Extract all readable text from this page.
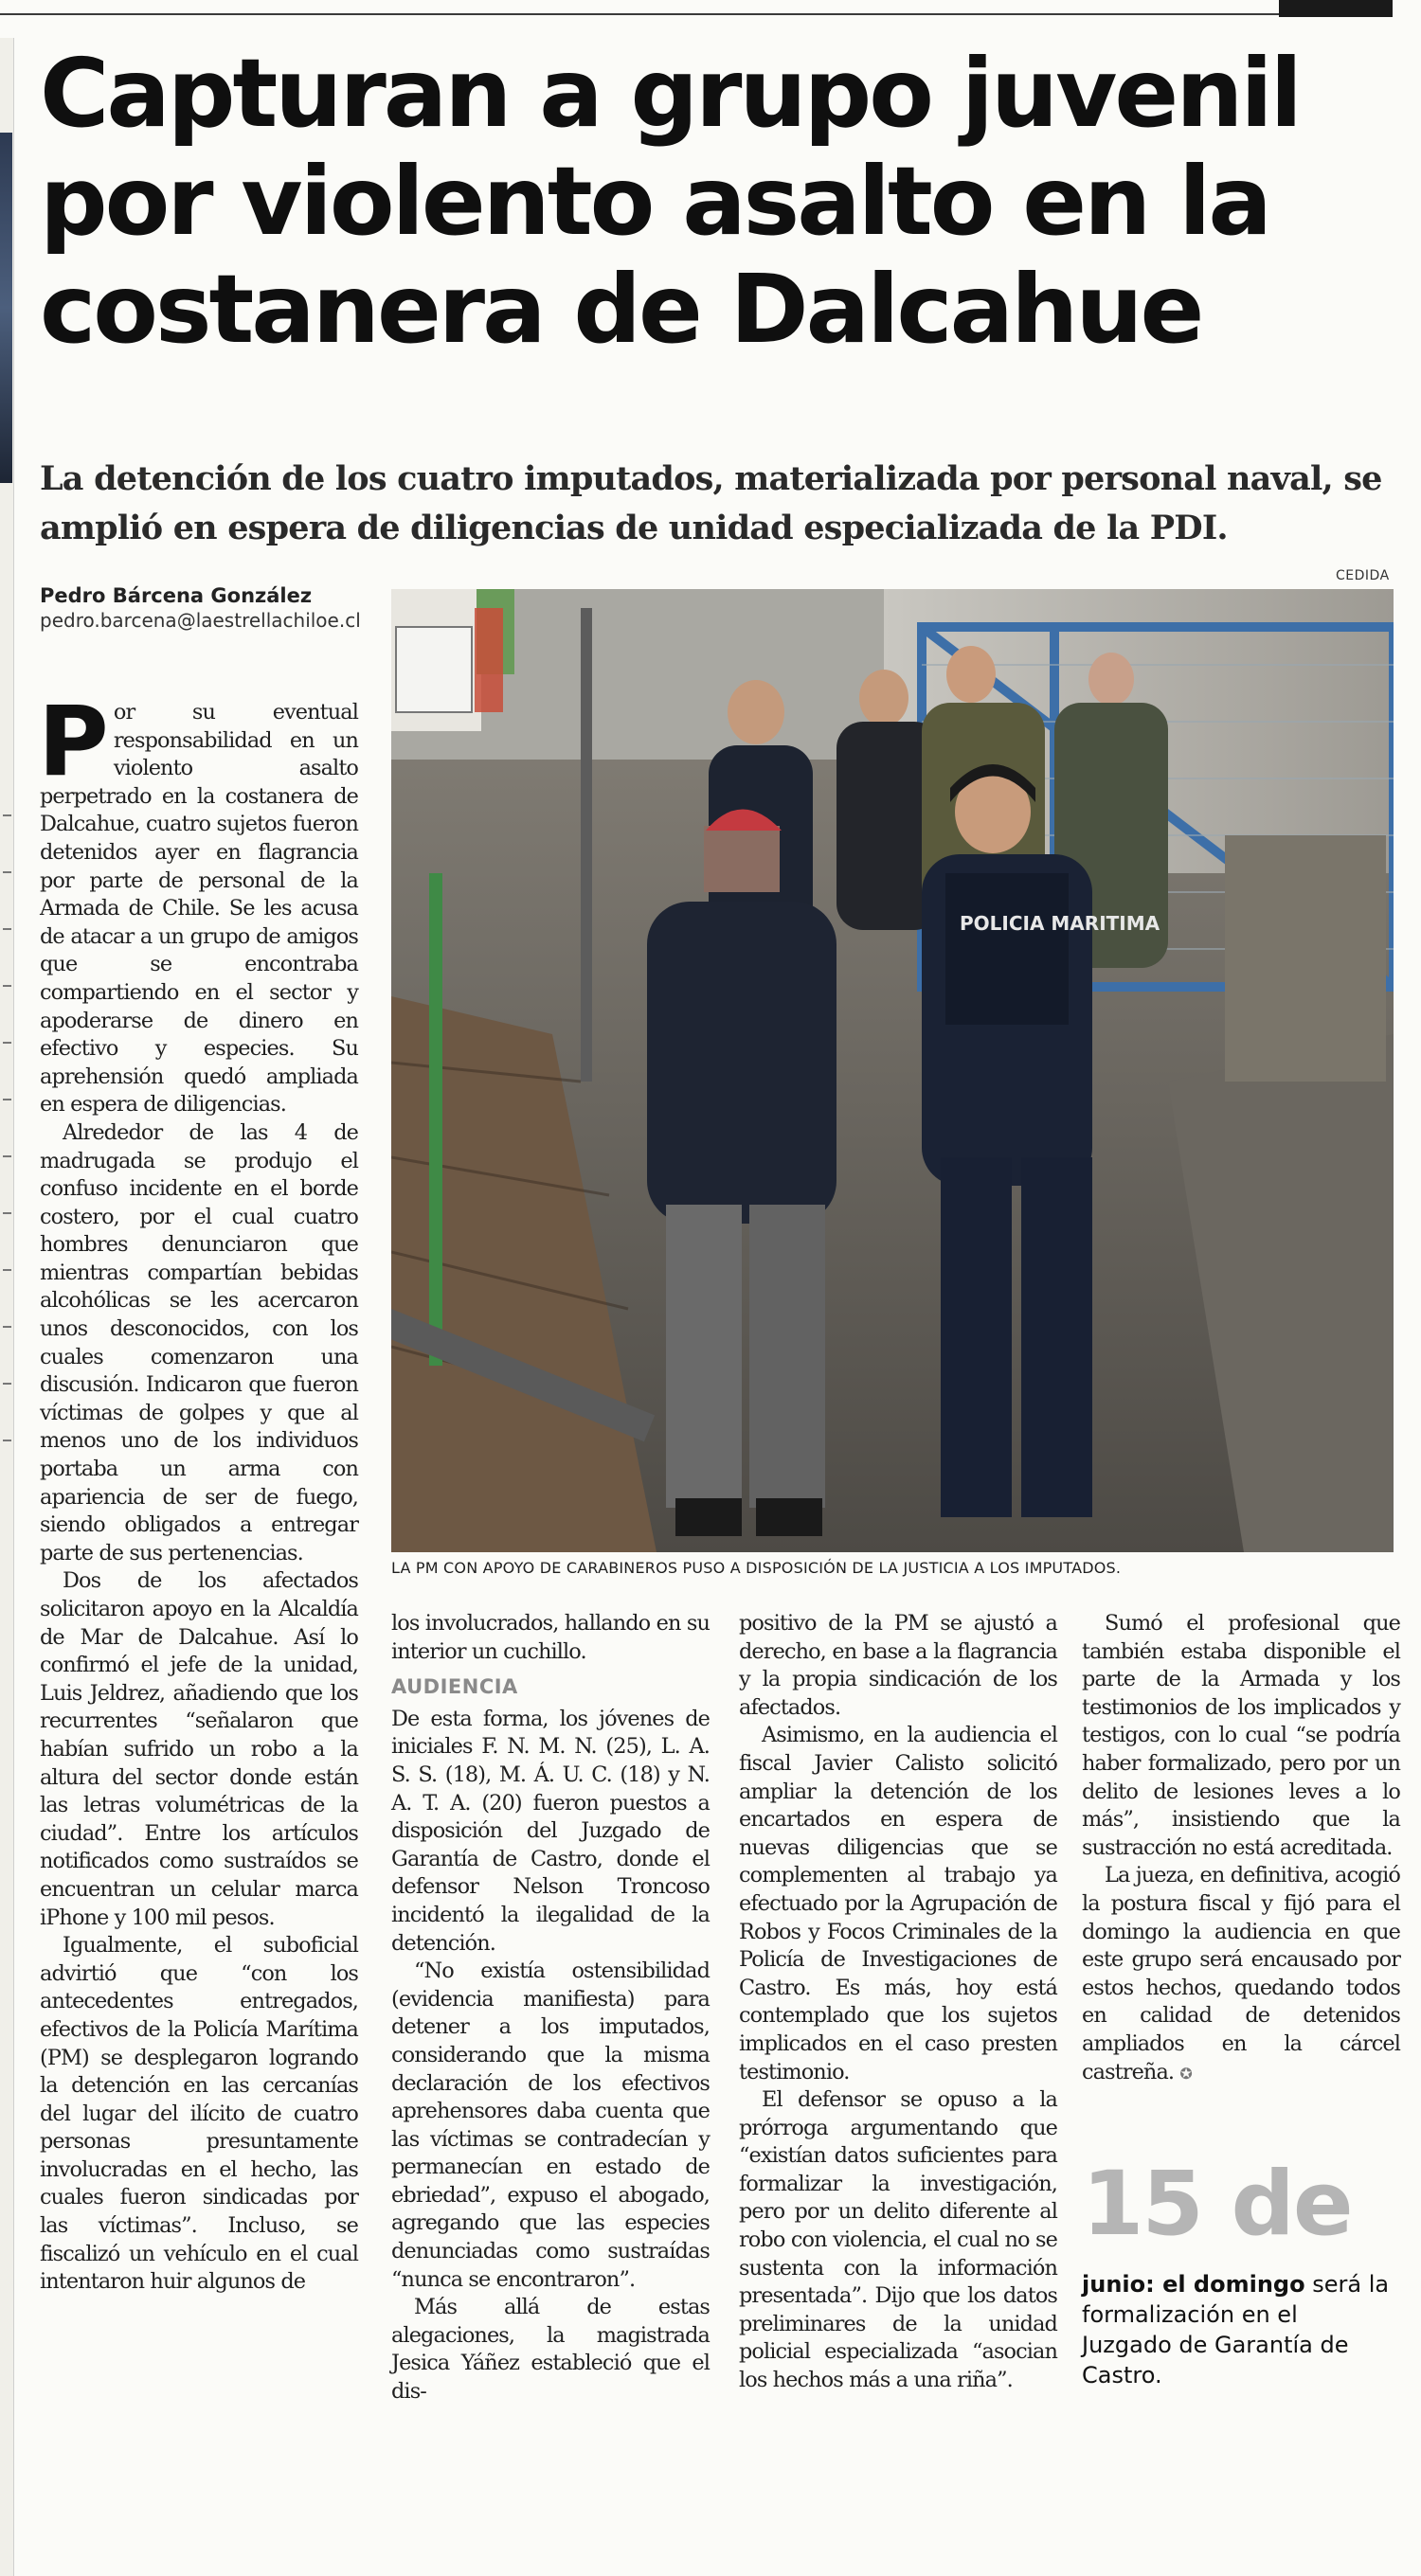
Capturan a grupo juvenil por violento asalto en la costanera de Dalcahue

La detención de los cuatro imputados, materializada por personal naval, se amplió en espera de diligencias de unidad especializada de la PDI.

Pedro Bárcena González
pedro.barcena@laestrellachiloe.cl
CEDIDA
POLICIA MARITIMA
LA PM CON APOYO DE CARABINEROS PUSO A DISPOSICIÓN DE LA JUSTICIA A LOS IMPUTADOS.

Por su eventual responsabilidad en un violento asalto perpetrado en la costanera de Dalcahue, cuatro sujetos fueron detenidos ayer en flagrancia por parte de personal de la Armada de Chile. Se les acusa de atacar a un grupo de amigos que se encontraba compartiendo en el sector y apoderarse de dinero en efectivo y especies. Su aprehensión quedó ampliada en espera de diligencias.

Alrededor de las 4 de madrugada se produjo el confuso incidente en el borde costero, por el cual cuatro hombres denunciaron que mientras compartían bebidas alcohólicas se les acercaron unos desconocidos, con los cuales comenzaron una discusión. Indicaron que fueron víctimas de golpes y que al menos uno de los individuos portaba un arma con apariencia de ser de fuego, siendo obligados a entregar parte de sus pertenencias.

Dos de los afectados solicitaron apoyo en la Alcaldía de Mar de Dalcahue. Así lo confirmó el jefe de la unidad, Luis Jeldrez, añadiendo que los recurrentes “señalaron que habían sufrido un robo a la altura del sector donde están las letras volumétricas de la ciudad”. Entre los artículos notificados como sustraídos se encuentran un celular marca iPhone y 100 mil pesos.

Igualmente, el suboficial advirtió que “con los antecedentes entregados, efectivos de la Policía Marítima (PM) se desplegaron logrando la detención en las cercanías del lugar del ilícito de cuatro personas presuntamente involucradas en el hecho, las cuales fueron sindicadas por las víctimas”. Incluso, se fiscalizó un vehículo en el cual intentaron huir algunos de

los involucrados, hallando en su interior un cuchillo.

AUDIENCIA

De esta forma, los jóvenes de iniciales F. N. M. N. (25), L. A. S. S. (18), M. Á. U. C. (18) y N. A. T. A. (20) fueron puestos a disposición del Juzgado de Garantía de Castro, donde el defensor Nelson Troncoso incidentó la ilegalidad de la detención.

“No existía ostensibilidad (evidencia manifiesta) para detener a los imputados, considerando que la misma declaración de los efectivos aprehensores daba cuenta que las víctimas se contradecían y permanecían en estado de ebriedad”, expuso el abogado, agregando que las especies denunciadas como sustraídas “nunca se encontraron”.

Más allá de estas alegaciones, la magistrada Jesica Yáñez estableció que el dis-

positivo de la PM se ajustó a derecho, en base a la flagrancia y la propia sindicación de los afectados.

Asimismo, en la audiencia el fiscal Javier Calisto solicitó ampliar la detención de los encartados en espera de nuevas diligencias que se complementen al trabajo ya efectuado por la Agrupación de Robos y Focos Criminales de la Policía de Investigaciones de Castro. Es más, hoy está contemplado que los sujetos implicados en el caso presten testimonio.

El defensor se opuso a la prórroga argumentando que “existían datos suficientes para formalizar la investigación, pero por un delito diferente al robo con violencia, el cual no se sustenta con la información presentada”. Dijo que los datos preliminares de la unidad policial especializada “asocian los hechos más a una riña”.

Sumó el profesional que también estaba disponible el parte de la Armada y los testimonios de los implicados y testigos, con lo cual “se podría haber formalizado, pero por un delito de lesiones leves a lo más”, insistiendo que la sustracción no está acreditada.

La jueza, en definitiva, acogió la postura fiscal y fijó para el domingo la audiencia en que este grupo será encausado por estos hechos, quedando todos en calidad de detenidos ampliados en la cárcel castreña. ✪

15 de
junio: el domingo será la formalización en el Juzgado de Garantía de Castro.
